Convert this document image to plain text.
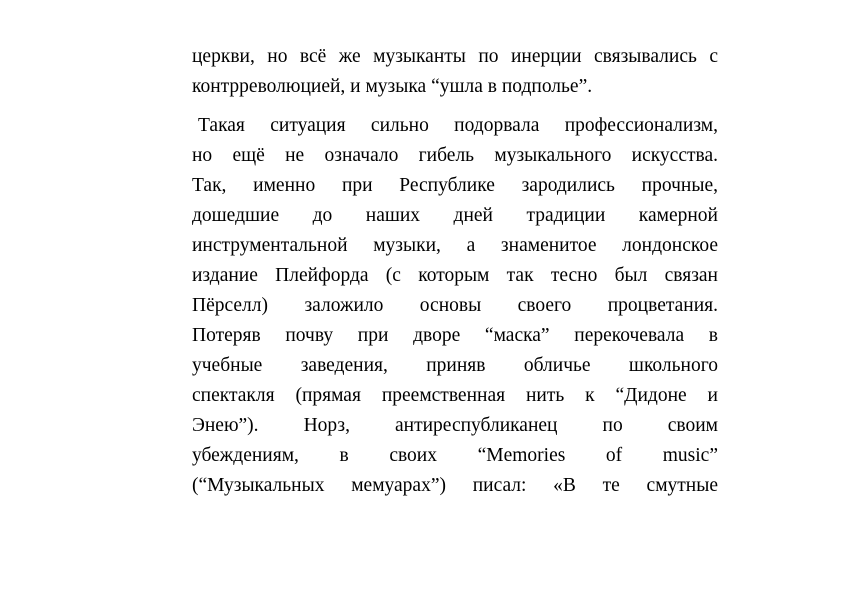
церкви, но всё же музыканты по инерции связывались с
контрреволюцией, и музыка “ушла в подполье”.
Такая ситуация сильно подорвала профессионализм,
но ещё не означало гибель музыкального искусства.
Так, именно при Республике зародились прочные,
дошедшие до наших дней традиции камерной
инструментальной музыки, а знаменитое лондонское
издание Плейфорда (с которым так тесно был связан
Пёрселл) заложило основы своего процветания.
Потеряв почву при дворе “маска” перекочевала в
учебные заведения, приняв обличье школьного
спектакля (прямая преемственная нить к “Дидоне и
Энею”). Норз, антиреспубликанец по своим
убеждениям, в своих “Memories of music”
(“Музыкальных мемуарах”) писал: «В те смутные
